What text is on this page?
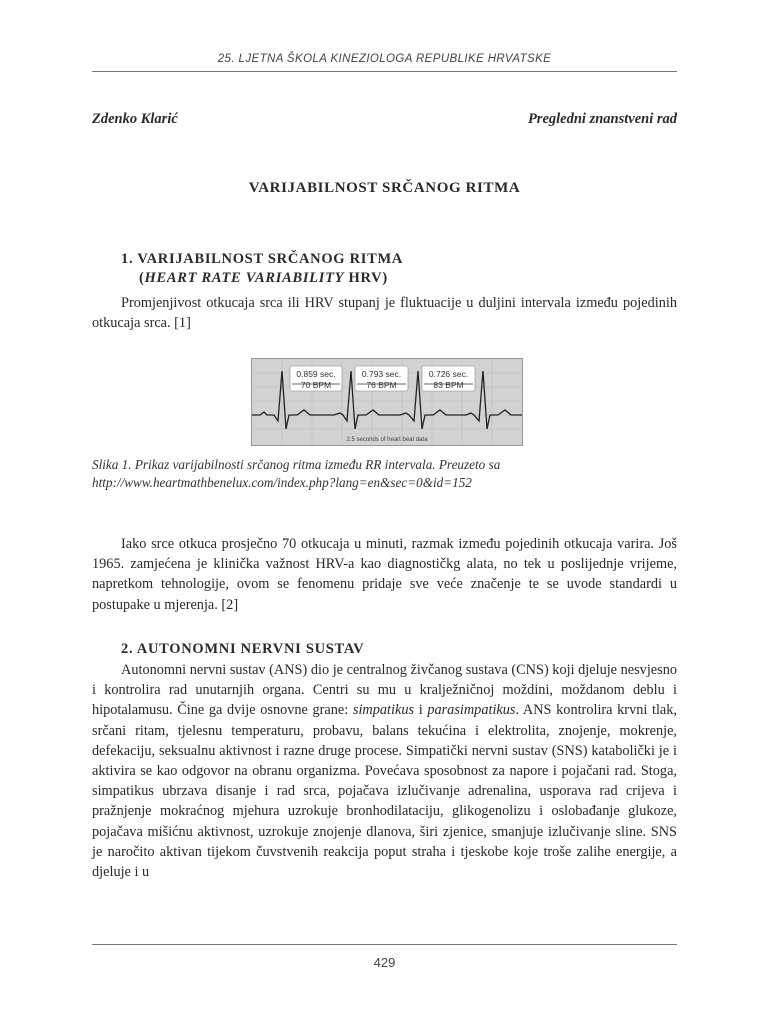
25. LJETNA ŠKOLA KINEZIOLOGA REPUBLIKE HRVATSKE
Zdenko Klarić	Pregledni znanstveni rad
VARIJABILNOST SRČANOG RITMA
1. VARIJABILNOST SRČANOG RITMA
(HEART RATE VARIABILITY HRV)

Promjenjivost otkucaja srca ili HRV stupanj je fluktuacije u duljini intervala između pojedinih otkucaja srca. [1]

0.859 sec.
70 BPM
0.793 sec.
76 BPM
0.726 sec.
83 BPM
2.5 seconds of heart beat data

Slika 1. Prikaz varijabilnosti srčanog ritma između RR intervala. Preuzeto sa http://www.heartmathbenelux.com/index.php?lang=en&sec=0&id=152

Iako srce otkuca prosječno 70 otkucaja u minuti, razmak između pojedinih otkucaja varira. Još 1965. zamjećena je klinička važnost HRV-a kao diagnostičkg alata, no tek u poslijednje vrijeme, napretkom tehnologije, ovom se fenomenu pridaje sve veće značenje te se uvode standardi u postupake u mjerenja. [2]

2. AUTONOMNI NERVNI SUSTAV

Autonomni nervni sustav (ANS) dio je centralnog živčanog sustava (CNS) koji djeluje nesvjesno i kontrolira rad unutarnjih organa. Centri su mu u kralježničnoj moždini, moždanom deblu i hipotalamusu. Čine ga dvije osnovne grane: simpatikus i parasimpatikus. ANS kontrolira krvni tlak, srčani ritam, tjelesnu temperaturu, probavu, balans tekućina i elektrolita, znojenje, mokrenje, defekaciju, seksualnu aktivnost i razne druge procese. Simpatički nervni sustav (SNS) katabolički je i aktivira se kao odgovor na obranu organizma. Povećava sposobnost za napore i pojačani rad. Stoga, simpatikus ubrzava disanje i rad srca, pojačava izlučivanje adrenalina, usporava rad crijeva i pražnjenje mokraćnog mjehura uzrokuje bronhodilataciju, glikogenolizu i oslobađanje glukoze, pojačava mišićnu aktivnost, uzrokuje znojenje dlanova, širi zjenice, smanjuje izlučivanje sline. SNS je naročito aktivan tijekom čuvstvenih reakcija poput straha i tjeskobe koje troše zalihe energije, a djeluje i u

429
